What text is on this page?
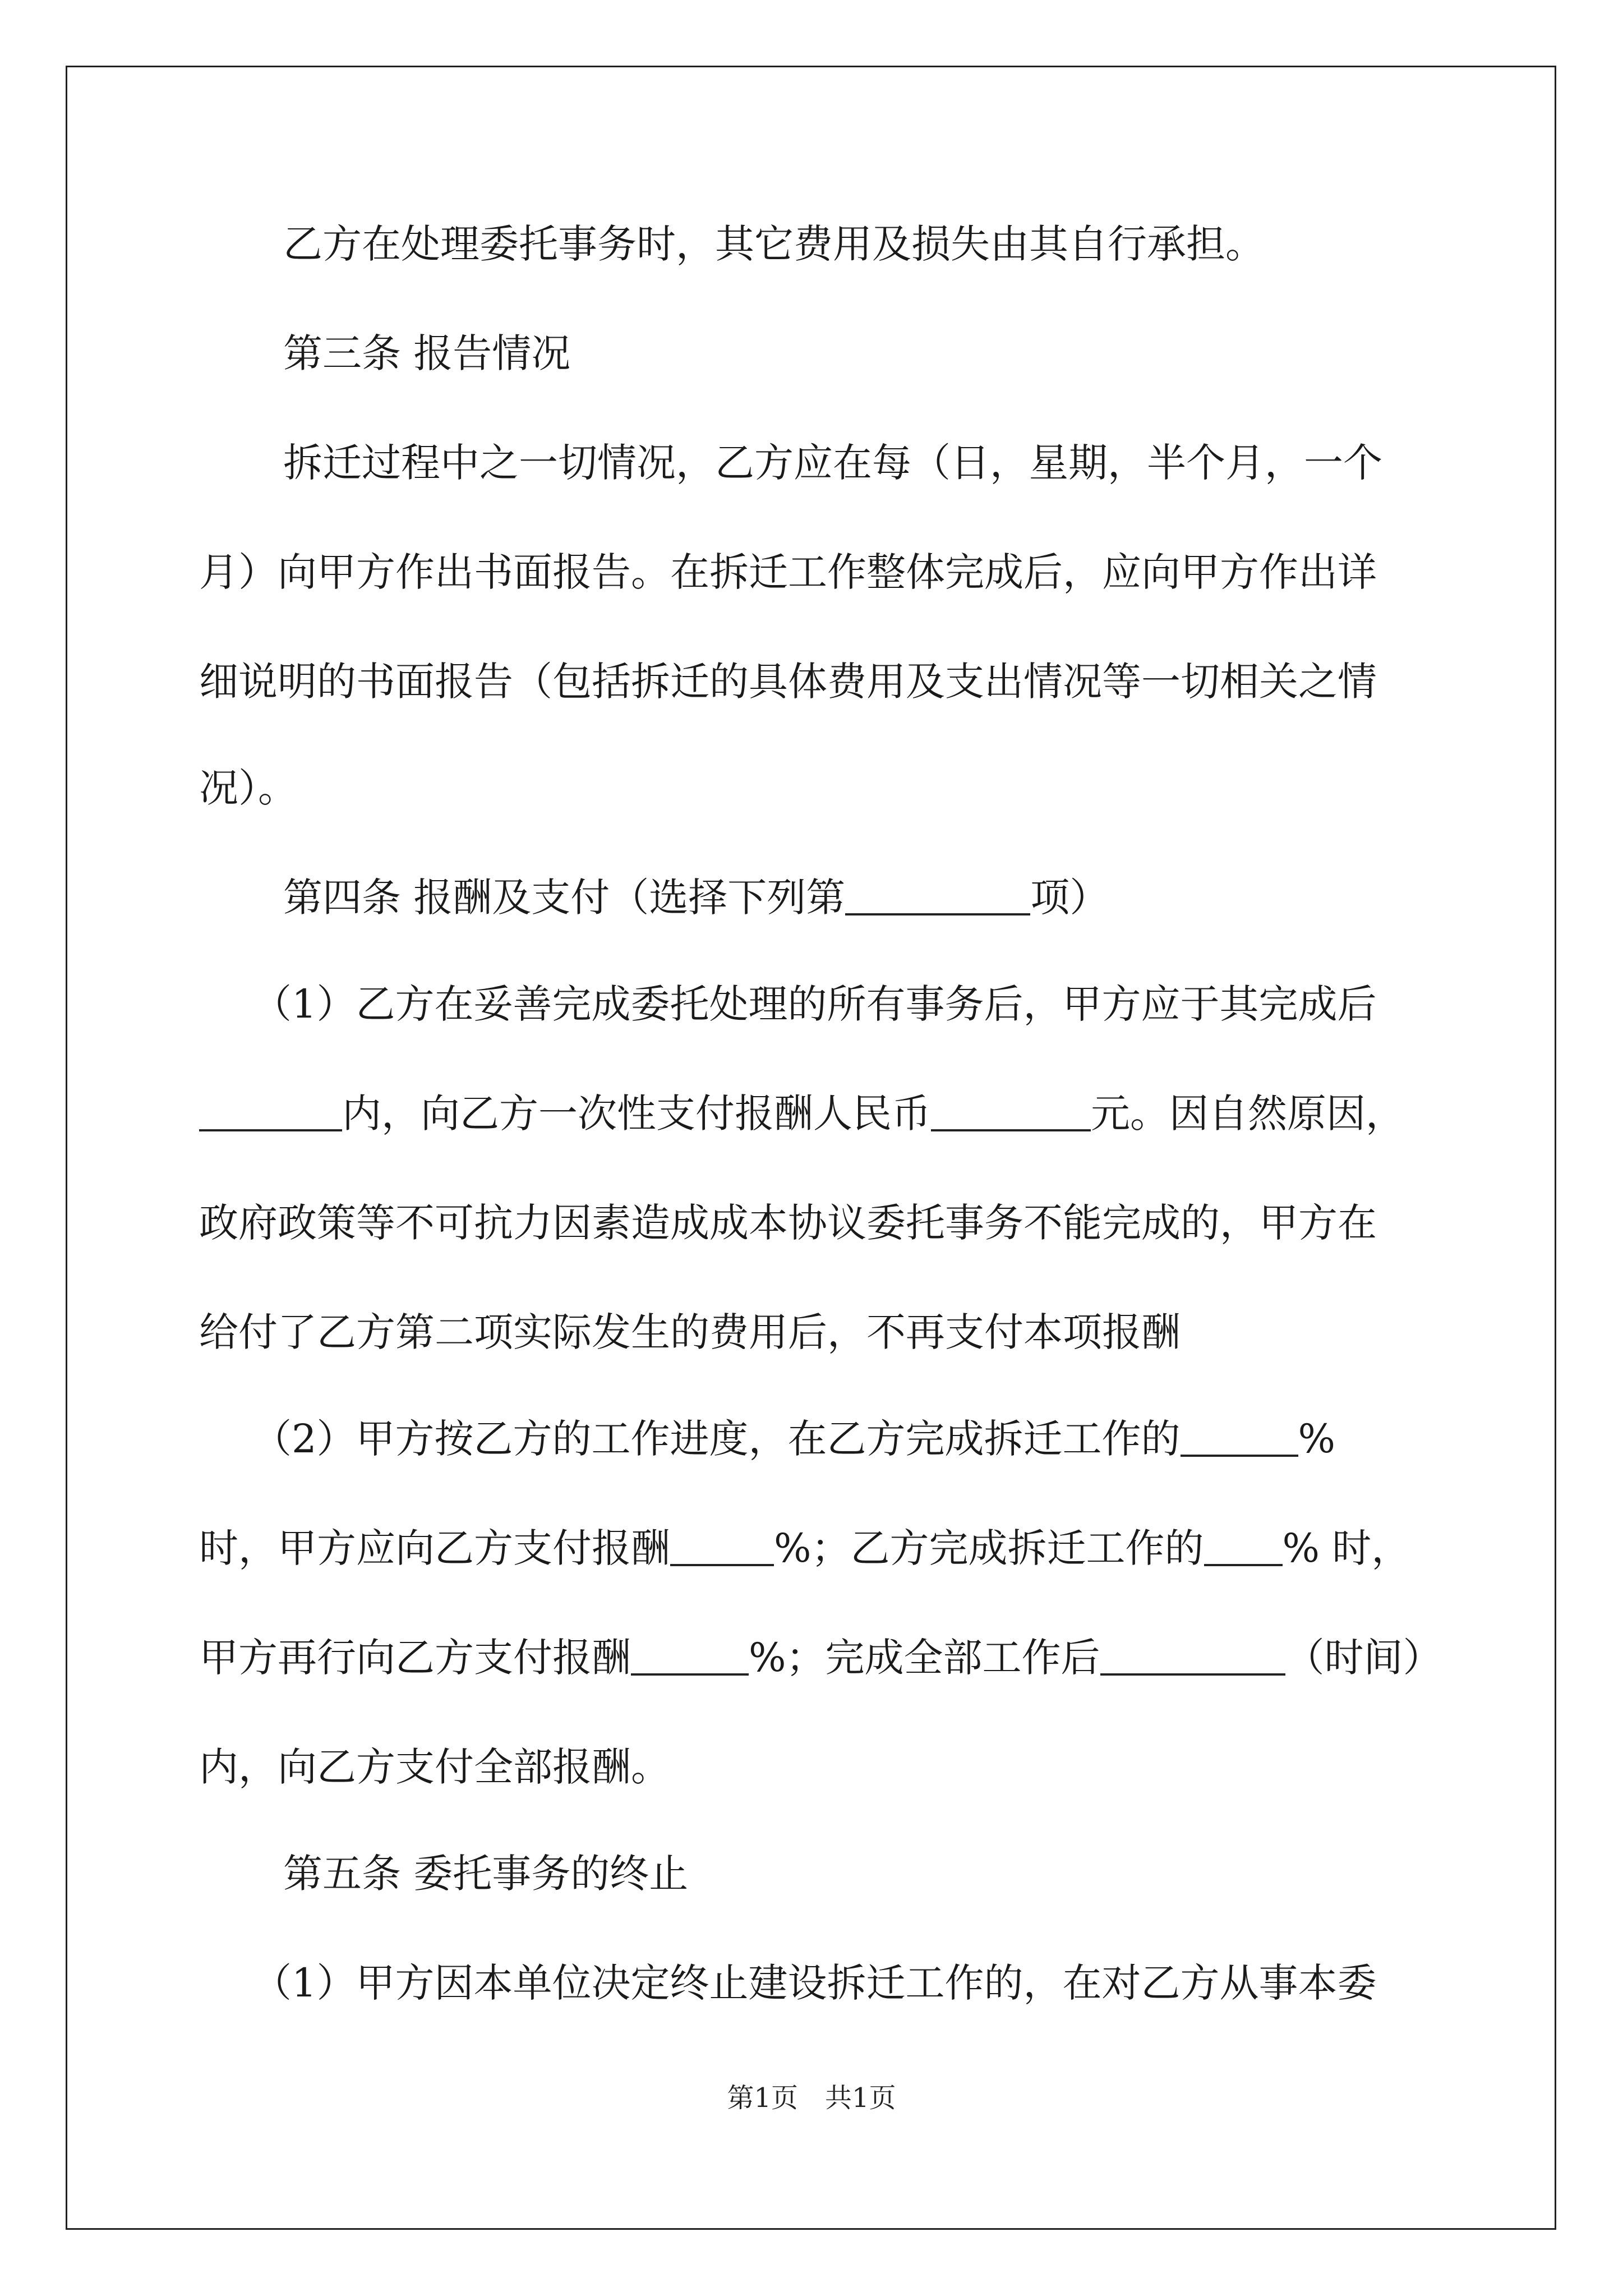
乙方在处理委托事务时，其它费用及损失由其自行承担。
第三条 报告情况
拆迁过程中之一切情况，乙方应在每（日，星期，半个月，一个
月）向甲方作出书面报告。在拆迁工作整体完成后，应向甲方作出详
细说明的书面报告（包括拆迁的具体费用及支出情况等一切相关之情
况）。
第四条 报酬及支付（选择下列第	项）
（1）乙方在妥善完成委托处理的所有事务后，甲方应于其完成后
内，向乙方一次性支付报酬人民币	元。因自然原因，
政府政策等不可抗力因素造成成本协议委托事务不能完成的，甲方在
给付了乙方第二项实际发生的费用后，不再支付本项报酬
（2）甲方按乙方的工作进度，在乙方完成拆迁工作的	%
时，甲方应向乙方支付报酬	%；乙方完成拆迁工作的 % 时，
甲方再行向乙方支付报酬	%；完成全部工作后	（时间）
内，向乙方支付全部报酬。
第五条 委托事务的终止
（1）甲方因本单位决定终止建设拆迁工作的，在对乙方从事本委
第1页　共1页
